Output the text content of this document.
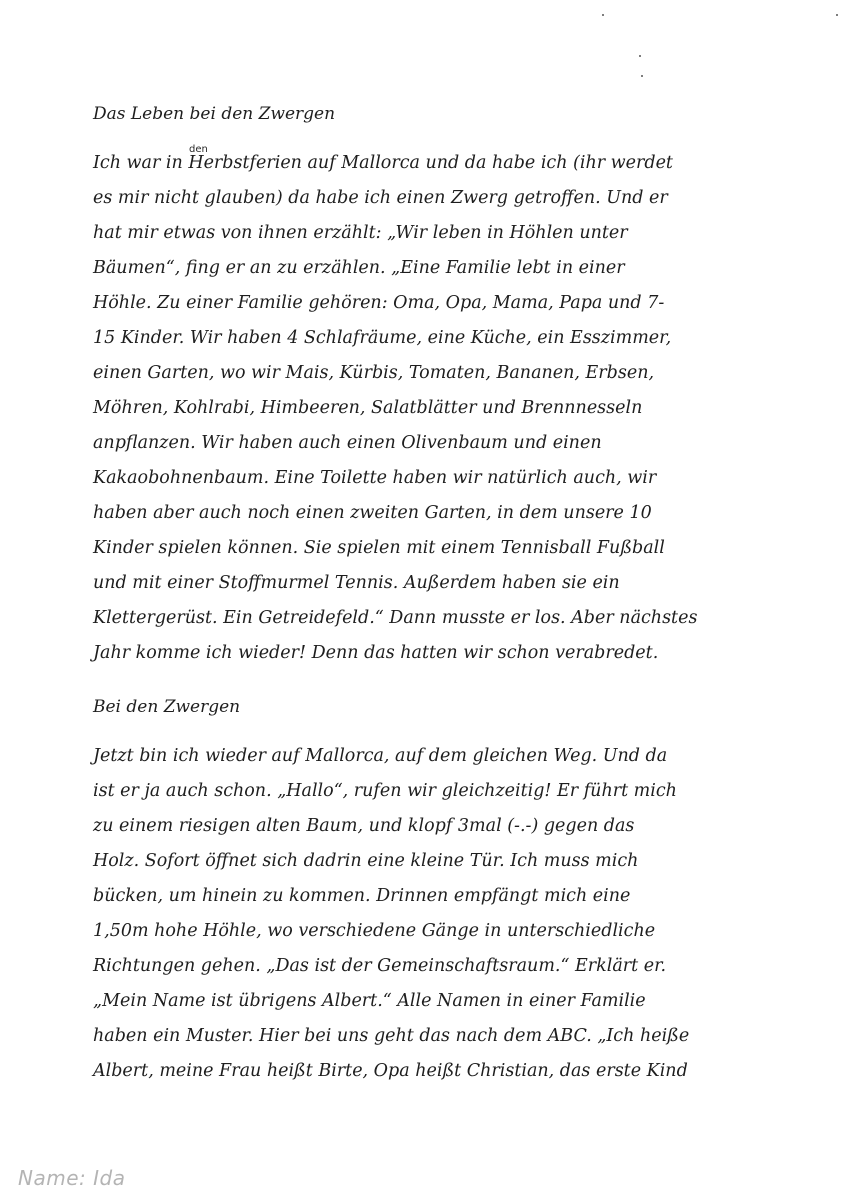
Das Leben bei den Zwergen
den
Ich war in Herbstferien auf Mallorca und da habe ich (ihr werdet
es mir nicht glauben) da habe ich einen Zwerg getroffen. Und er
hat mir etwas von ihnen erzählt: „Wir leben in Höhlen unter
Bäumen“, fing er an zu erzählen. „Eine Familie lebt in einer
Höhle. Zu einer Familie gehören: Oma, Opa, Mama, Papa und 7-
15 Kinder. Wir haben 4 Schlafräume, eine Küche, ein Esszimmer,
einen Garten, wo wir Mais, Kürbis, Tomaten, Bananen, Erbsen,
Möhren, Kohlrabi, Himbeeren, Salatblätter und Brennnesseln
anpflanzen. Wir haben auch einen Olivenbaum und einen
Kakaobohnenbaum. Eine Toilette haben wir natürlich auch, wir
haben aber auch noch einen zweiten Garten, in dem unsere 10
Kinder spielen können. Sie spielen mit einem Tennisball Fußball
und mit einer Stoffmurmel Tennis. Außerdem haben sie ein
Klettergerüst. Ein Getreidefeld.“ Dann musste er los. Aber nächstes
Jahr komme ich wieder! Denn das hatten wir schon verabredet.
Bei den Zwergen
Jetzt bin ich wieder auf Mallorca, auf dem gleichen Weg. Und da
ist er ja auch schon. „Hallo“, rufen wir gleichzeitig! Er führt mich
zu einem riesigen alten Baum, und klopf 3mal (-.-) gegen das
Holz. Sofort öffnet sich dadrin eine kleine Tür. Ich muss mich
bücken, um hinein zu kommen. Drinnen empfängt mich eine
1,50m hohe Höhle, wo verschiedene Gänge in unterschiedliche
Richtungen gehen. „Das ist der Gemeinschaftsraum.“ Erklärt er.
„Mein Name ist übrigens Albert.“ Alle Namen in einer Familie
haben ein Muster. Hier bei uns geht das nach dem ABC. „Ich heiße
Albert, meine Frau heißt Birte, Opa heißt Christian, das erste Kind
Name: Ida
